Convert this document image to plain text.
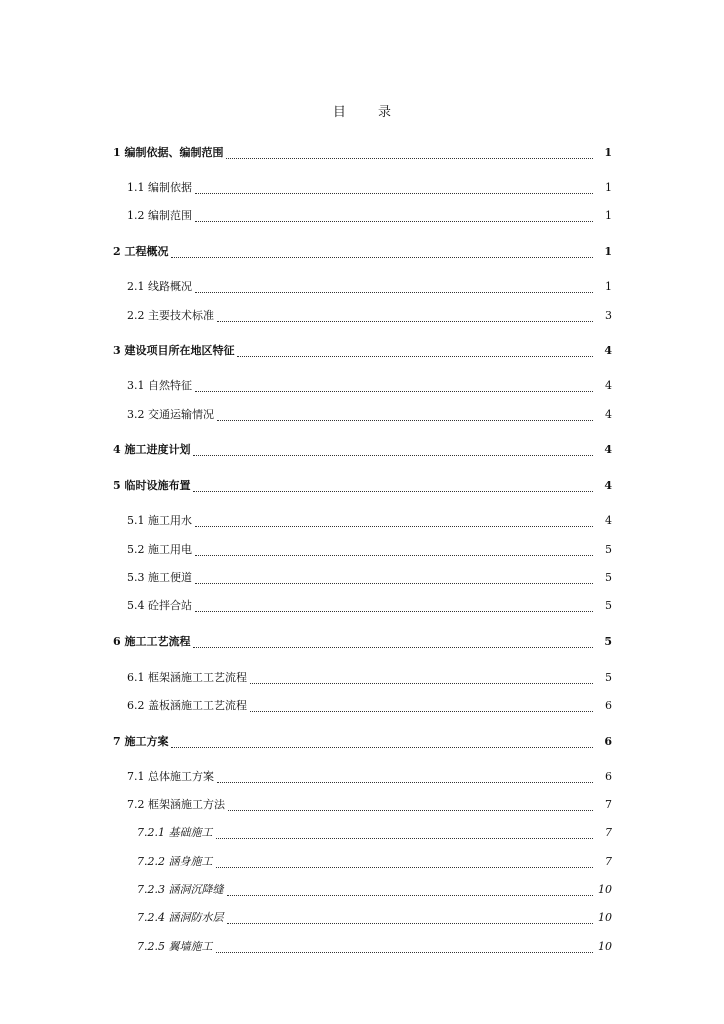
目 录
1 编制依据、编制范围	1
1.1 编制依据	1
1.2 编制范围	1
2 工程概况	1
2.1 线路概况	1
2.2 主要技术标准	3
3 建设项目所在地区特征	4
3.1 自然特征	4
3.2 交通运输情况	4
4 施工进度计划	4
5 临时设施布置	4
5.1 施工用水	4
5.2 施工用电	5
5.3 施工便道	5
5.4 砼拌合站	5
6 施工工艺流程	5
6.1 框架涵施工工艺流程	5
6.2 盖板涵施工工艺流程	6
7 施工方案	6
7.1 总体施工方案	6
7.2 框架涵施工方法	7
7.2.1 基础施工	7
7.2.2 涵身施工	7
7.2.3 涵洞沉降缝	10
7.2.4 涵洞防水层	10
7.2.5 翼墙施工	10
